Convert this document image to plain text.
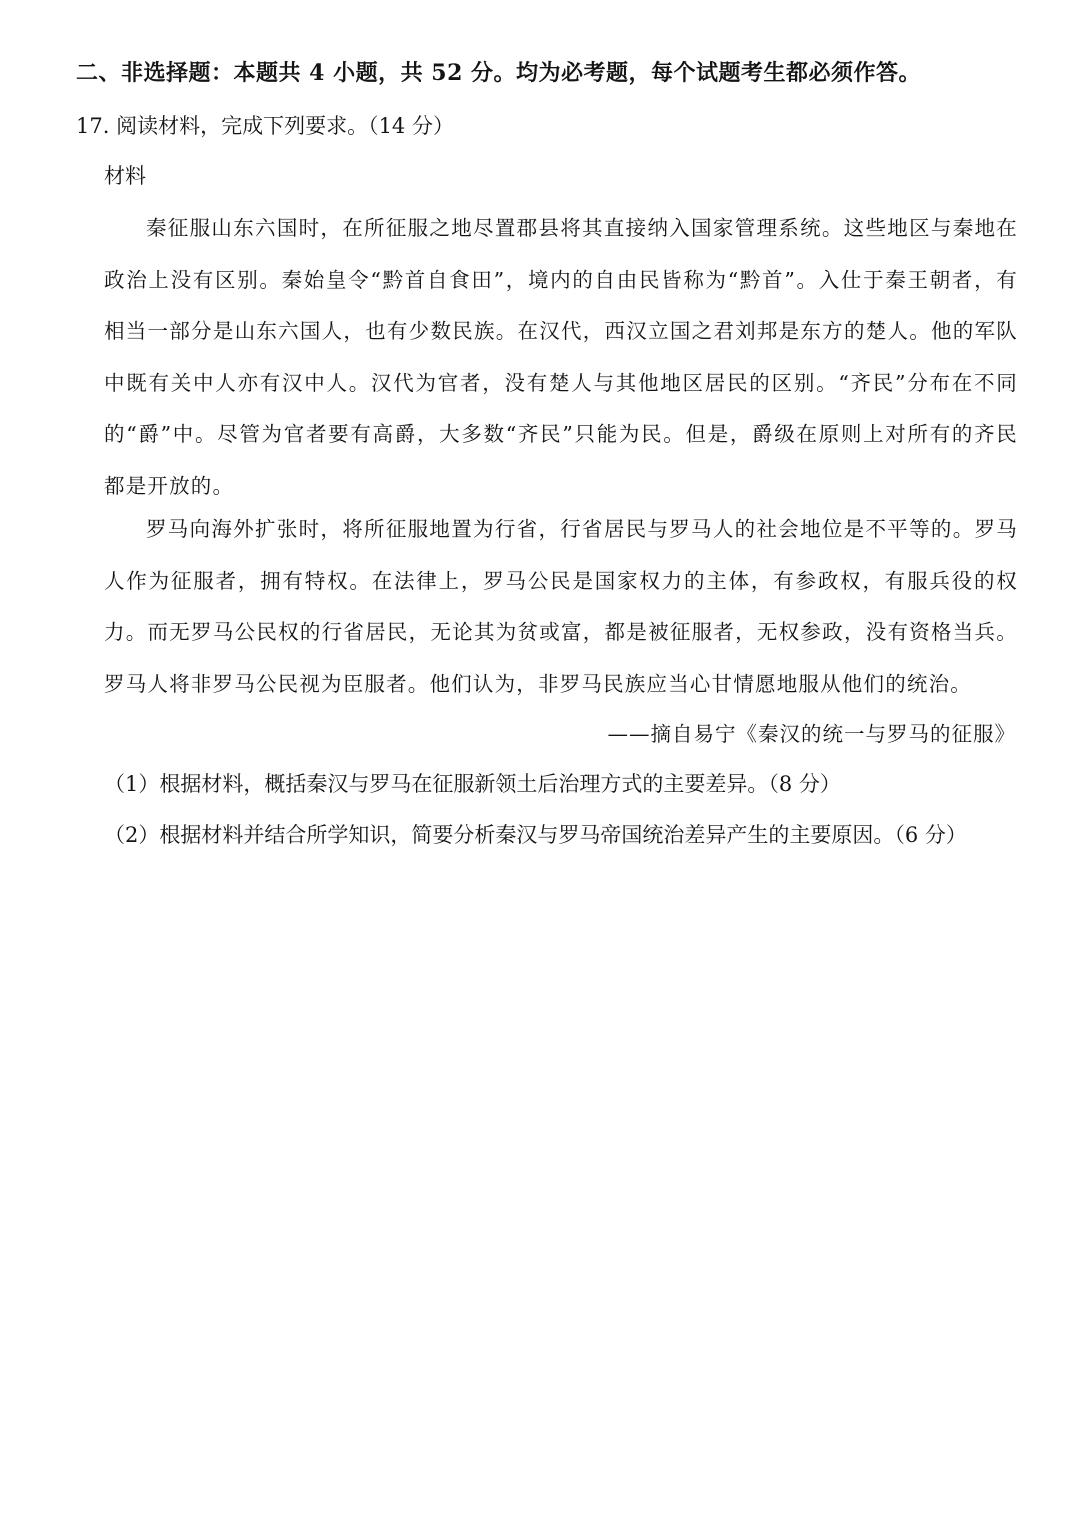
二、非选择题：本题共 4 小题，共 52 分。均为必考题，每个试题考生都必须作答。
17. 阅读材料，完成下列要求。（14 分）
材料
秦征服山东六国时，在所征服之地尽置郡县将其直接纳入国家管理系统。这些地区与秦地在政治上没有区别。秦始皇令“黔首自食田”，境内的自由民皆称为“黔首”。入仕于秦王朝者，有相当一部分是山东六国人，也有少数民族。在汉代，西汉立国之君刘邦是东方的楚人。他的军队中既有关中人亦有汉中人。汉代为官者，没有楚人与其他地区居民的区别。“齐民”分布在不同的“爵”中。尽管为官者要有高爵，大多数“齐民”只能为民。但是，爵级在原则上对所有的齐民都是开放的。
罗马向海外扩张时，将所征服地置为行省，行省居民与罗马人的社会地位是不平等的。罗马人作为征服者，拥有特权。在法律上，罗马公民是国家权力的主体，有参政权，有服兵役的权力。而无罗马公民权的行省居民，无论其为贫或富，都是被征服者，无权参政，没有资格当兵。罗马人将非罗马公民视为臣服者。他们认为，非罗马民族应当心甘情愿地服从他们的统治。
——摘自易宁《秦汉的统一与罗马的征服》
（1）根据材料，概括秦汉与罗马在征服新领土后治理方式的主要差异。（8 分）
（2）根据材料并结合所学知识，简要分析秦汉与罗马帝国统治差异产生的主要原因。（6 分）
